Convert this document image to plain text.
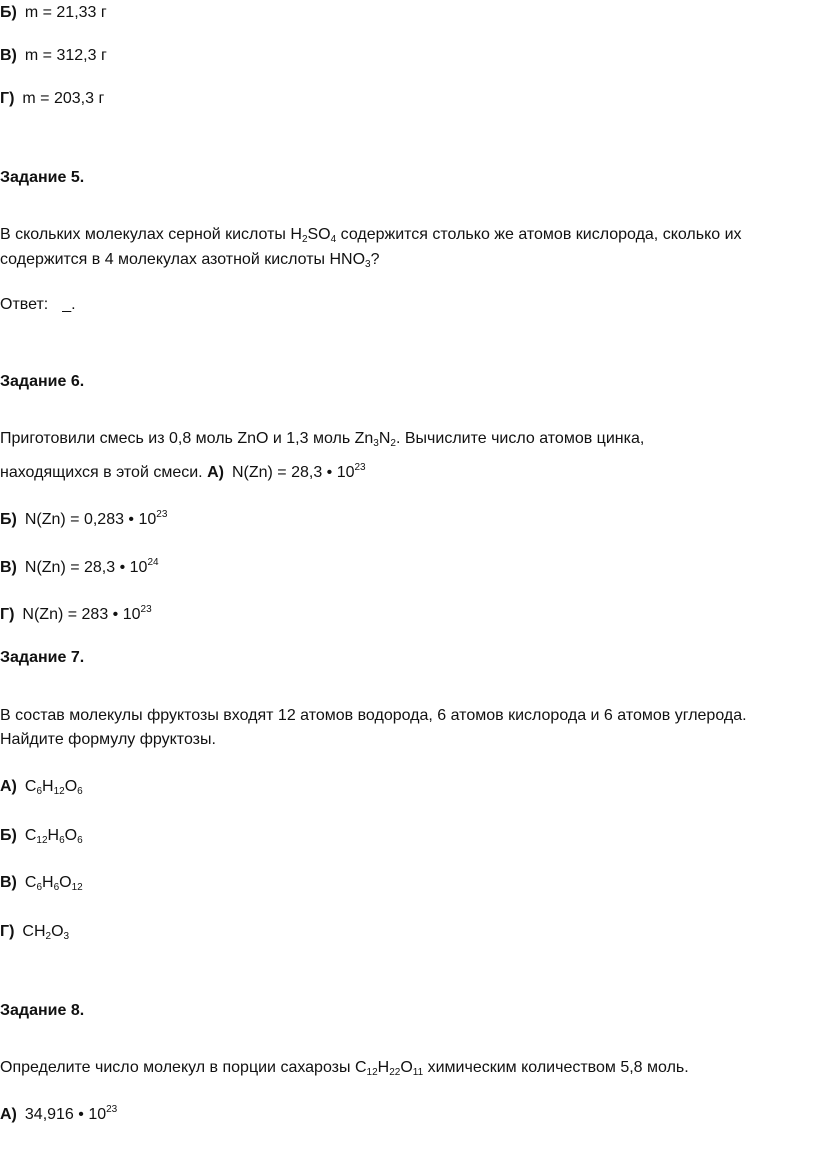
Б) m = 21,33 г
В) m = 312,3 г
Г) m = 203,3 г
Задание 5.
В скольких молекулах серной кислоты $H_2SO_4$ содержится столько же атомов кислорода, сколько их
содержится в 4 молекулах азотной кислоты $HNO_3$?
Ответ: _.
Задание 6.
Приготовили смесь из 0,8 моль ZnO и 1,3 моль $Zn_3N_2$. Вычислите число атомов цинка,
находящихся в этой смеси. А) N(Zn) = 28,3 • $10^{23}$
Б) N(Zn) = 0,283 • $10^{23}$
В) N(Zn) = 28,3 • $10^{24}$
Г) N(Zn) = 283 • $10^{23}$
Задание 7.
В состав молекулы фруктозы входят 12 атомов водорода, 6 атомов кислорода и 6 атомов углерода.
Найдите формулу фруктозы.
А) $C_6H_{12}O_6$
Б) $C_{12}H_6O_6$
В) $C_6H_6O_{12}$
Г) $CH_2O_3$
Задание 8.
Определите число молекул в порции сахарозы $C_{12}H_{22}O_{11}$ химическим количеством 5,8 моль.
А) 34,916 • $10^{23}$
